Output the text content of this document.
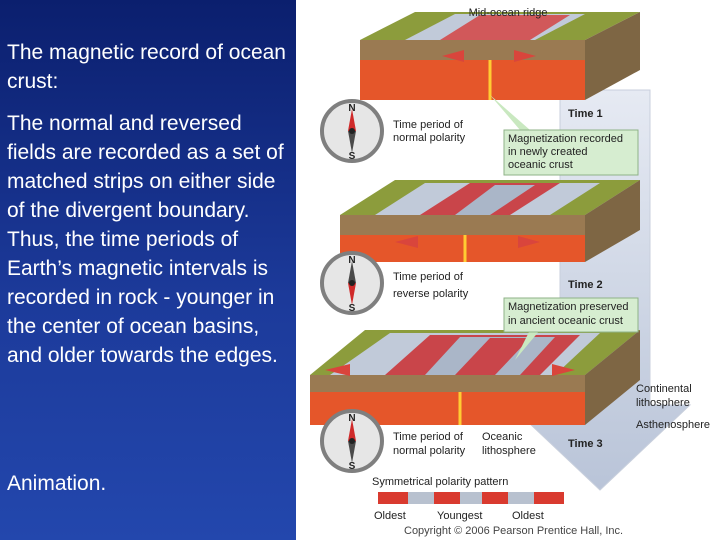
The magnetic record of ocean crust:

The normal and reversed fields are recorded as a set of matched strips on either side of the divergent boundary. Thus, the time periods of Earth’s magnetic intervals is recorded in rock - younger in the center of ocean basins, and older towards the edges.

Animation.

N
S
N
S
N
S
Mid-ocean ridge
Time 1
Time 2
Time 3
Time period of
normal polarity
Time period of
reverse polarity
Time period of
normal polarity
Magnetization recorded
in newly created
oceanic crust
Magnetization preserved
in ancient oceanic crust
Oceanic
lithosphere
Continental
lithosphere
Asthenosphere
Symmetrical polarity pattern
Oldest	Youngest	Oldest
Copyright © 2006 Pearson Prentice Hall, Inc.
